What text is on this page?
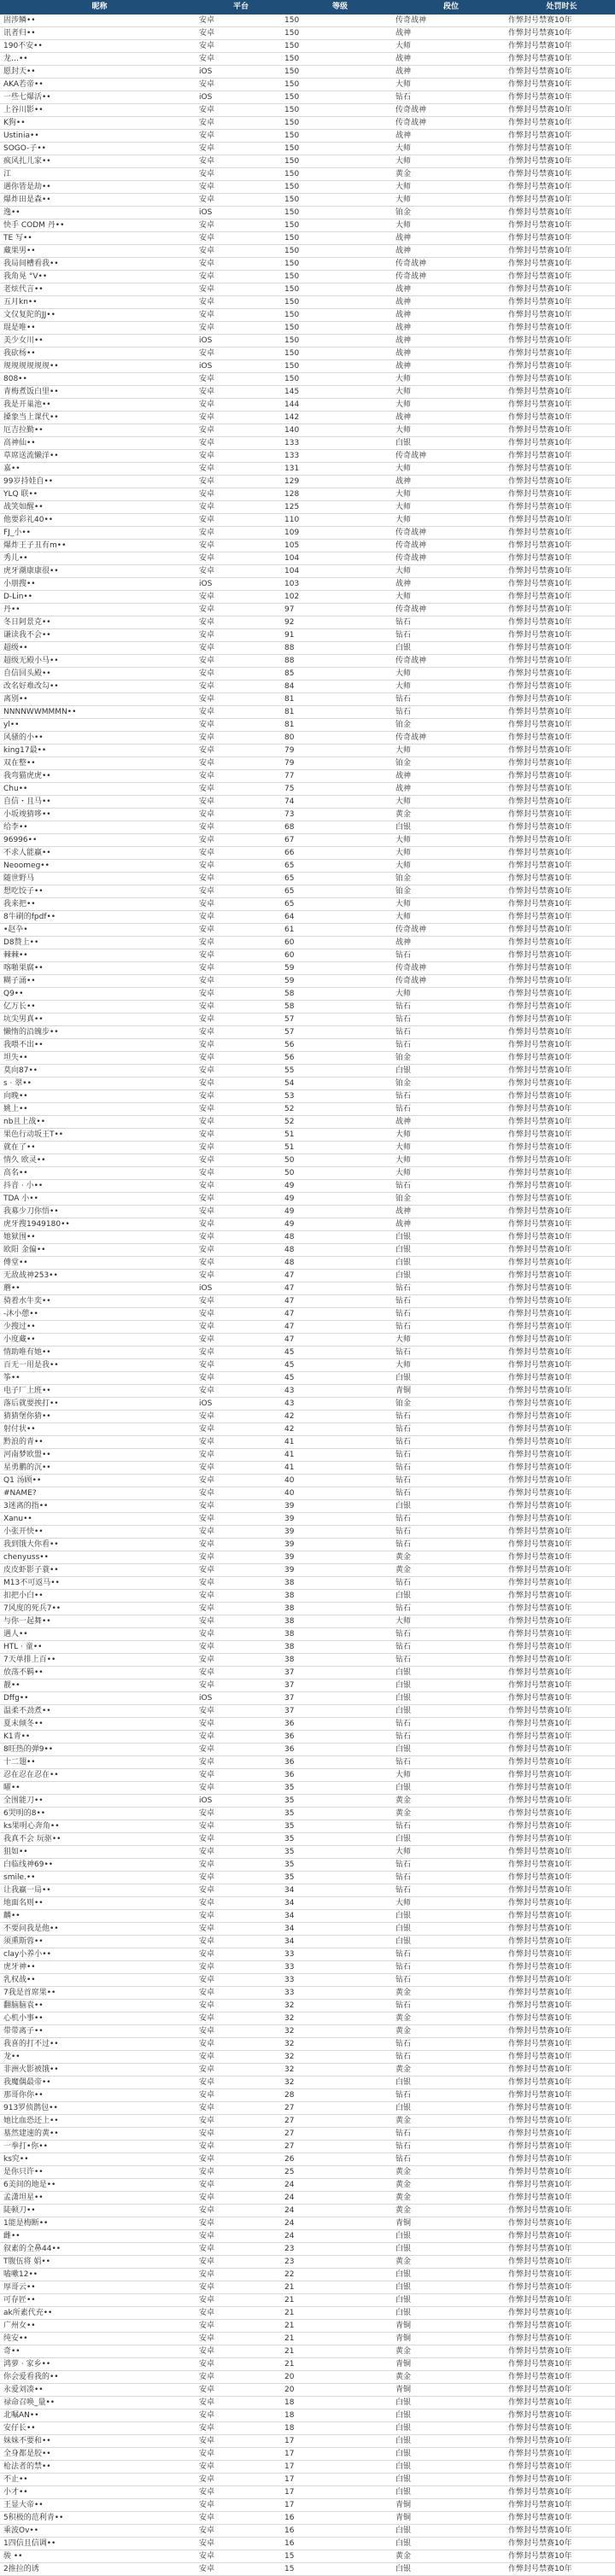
昵称	平台	等级	段位	处罚时长
固涉鳞••	安卓	150	传奇战神	作弊封号禁赛10年
讯者归••	安卓	150	战神	作弊封号禁赛10年
190不安••	安卓	150	大师	作弊封号禁赛10年
龙…••	安卓	150	战神	作弊封号禁赛10年
愿封天••	iOS	150	战神	作弊封号禁赛10年
AKA若帝••	安卓	150	大师	作弊封号禁赛10年
一些七爆活••	iOS	150	钻石	作弊封号禁赛10年
上谷川影••	安卓	150	传奇战神	作弊封号禁赛10年
K狗••	安卓	150	传奇战神	作弊封号禁赛10年
Ustinia••	安卓	150	战神	作弊封号禁赛10年
SOGO-子••	安卓	150	大师	作弊封号禁赛10年
疯风扎儿家••	安卓	150	大师	作弊封号禁赛10年
江	安卓	150	黄金	作弊封号禁赛10年
遇你皆是劫••	安卓	150	大师	作弊封号禁赛10年
爆炸田是森••	安卓	150	大师	作弊封号禁赛10年
逸••	iOS	150	铂金	作弊封号禁赛10年
快手 CODM 丹••	安卓	150	大师	作弊封号禁赛10年
TE 写••	安卓	150	战神	作弊封号禁赛10年
藏果男••	安卓	150	战神	作弊封号禁赛10年
我局间槽看我••	安卓	150	传奇战神	作弊封号禁赛10年
我角晃 °V••	安卓	150	传奇战神	作弊封号禁赛10年
老炫代言••	安卓	150	战神	作弊封号禁赛10年
五月kn••	安卓	150	战神	作弊封号禁赛10年
文仅复陀的JJ••	安卓	150	战神	作弊封号禁赛10年
琨是唯••	安卓	150	战神	作弊封号禁赛10年
美少女川••	iOS	150	战神	作弊封号禁赛10年
我砍杨••	安卓	150	战神	作弊封号禁赛10年
规规规规规规••	iOS	150	战神	作弊封号禁赛10年
808••	安卓	150	大师	作弊封号禁赛10年
青梅煮饭白里••	安卓	145	大师	作弊封号禁赛10年
我是开巢池••	安卓	144	大师	作弊封号禁赛10年
搡象当上课代••	安卓	142	战神	作弊封号禁赛10年
厄吉拉勤••	安卓	140	大师	作弊封号禁赛10年
高神仙••	安卓	133	白银	作弊封号禁赛10年
草席送流懒洋••	安卓	133	传奇战神	作弊封号禁赛10年
嘉••	安卓	131	大师	作弊封号禁赛10年
99岁持娃自••	安卓	129	战神	作弊封号禁赛10年
YLQ 联••	安卓	128	大师	作弊封号禁赛10年
战笑如醒••	安卓	125	大师	作弊封号禁赛10年
他要彩礼40••	安卓	110	大师	作弊封号禁赛10年
FJ_小••	安卓	109	传奇战神	作弊封号禁赛10年
爆炸王子丑有m••	安卓	105	传奇战神	作弊封号禁赛10年
秀儿••	安卓	104	传奇战神	作弊封号禁赛10年
虎牙潮康康很••	安卓	104	大师	作弊封号禁赛10年
小朋搜••	iOS	103	战神	作弊封号禁赛10年
D-Lin••	安卓	102	大师	作弊封号禁赛10年
丹••	安卓	97	传奇战神	作弊封号禁赛10年
冬日阿景克••	安卓	92	钻石	作弊封号禁赛10年
谦读我不会••	安卓	91	钻石	作弊封号禁赛10年
超级••	安卓	88	白银	作弊封号禁赛10年
超级无殿小马••	安卓	88	传奇战神	作弊封号禁赛10年
自信回头殿••	安卓	85	大师	作弊封号禁赛10年
改名好难改勾••	安卓	84	大师	作弊封号禁赛10年
离别••	安卓	81	钻石	作弊封号禁赛10年
NNNNWWMMMN••	安卓	81	钻石	作弊封号禁赛10年
yl••	安卓	81	铂金	作弊封号禁赛10年
风骚的小••	安卓	80	传奇战神	作弊封号禁赛10年
king17最••	安卓	79	大师	作弊封号禁赛10年
双在整••	安卓	79	铂金	作弊封号禁赛10年
我弯猫虎虎••	安卓	77	战神	作弊封号禁赛10年
Chu••	安卓	75	战神	作弊封号禁赛10年
自信・且马••	安卓	74	大师	作弊封号禁赛10年
小坂竣猜哆••	安卓	73	黄金	作弊封号禁赛10年
给李••	安卓	68	白银	作弊封号禁赛10年
96996••	安卓	67	大师	作弊封号禁赛10年
不求人能赢••	安卓	66	大师	作弊封号禁赛10年
Neoomeg••	安卓	65	大师	作弊封号禁赛10年
随世野马	安卓	65	铂金	作弊封号禁赛10年
想吃饺子••	安卓	65	铂金	作弊封号禁赛10年
我来把••	安卓	65	大师	作弊封号禁赛10年
8牛刷的fpdf••	安卓	64	大师	作弊封号禁赛10年
•赵卆•	安卓	61	传奇战神	作弊封号禁赛10年
D8赞上••	安卓	60	战神	作弊封号禁赛10年
棘棘••	安卓	60	钻石	作弊封号禁赛10年
喀啪果腐••	安卓	59	传奇战神	作弊封号禁赛10年
糊子涌••	安卓	59	传奇战神	作弊封号禁赛10年
Q9••	安卓	58	大师	作弊封号禁赛10年
亿万长••	安卓	58	钻石	作弊封号禁赛10年
坑尖男真••	安卓	57	钻石	作弊封号禁赛10年
懒惰的沿魄步••	安卓	57	钻石	作弊封号禁赛10年
我喂不出••	安卓	56	钻石	作弊封号禁赛10年
坦失••	安卓	56	铂金	作弊封号禁赛10年
莫向87••	安卓	55	白银	作弊封号禁赛10年
s · 翠••	安卓	54	铂金	作弊封号禁赛10年
向晚••	安卓	53	钻石	作弊封号禁赛10年
姚上••	安卓	52	钻石	作弊封号禁赛10年
nb且上战••	安卓	52	战神	作弊封号禁赛10年
果色行动坂王T••	安卓	51	大师	作弊封号禁赛10年
就在了••	安卓	51	大师	作弊封号禁赛10年
情久 欧灵••	安卓	50	大师	作弊封号禁赛10年
高名••	安卓	50	大师	作弊封号禁赛10年
抖音 · 小••	安卓	49	钻石	作弊封号禁赛10年
TDA 小••	安卓	49	铂金	作弊封号禁赛10年
我募少刀你悟••	安卓	49	战神	作弊封号禁赛10年
虎牙搜1949180••	安卓	49	战神	作弊封号禁赛10年
她狱围••	安卓	48	白银	作弊封号禁赛10年
欧阳 金偏••	安卓	48	白银	作弊封号禁赛10年
傅堂••	安卓	48	白银	作弊封号禁赛10年
无敌战神253••	安卓	47	白银	作弊封号禁赛10年
蘑••	iOS	47	钻石	作弊封号禁赛10年
骑着水牛奕••	安卓	47	钻石	作弊封号禁赛10年
-沐小憩••	安卓	47	钻石	作弊封号禁赛10年
少搜过••	安卓	47	钻石	作弊封号禁赛10年
小度藏••	安卓	47	大师	作弊封号禁赛10年
情助唯有她••	安卓	45	钻石	作弊封号禁赛10年
百无一用是我••	安卓	45	大师	作弊封号禁赛10年
筝••	安卓	45	白银	作弊封号禁赛10年
电子厂上班••	安卓	43	青铜	作弊封号禁赛10年
落后就要挨打••	iOS	43	铂金	作弊封号禁赛10年
猜猜堡你猜••	安卓	42	钻石	作弊封号禁赛10年
射付状••	安卓	42	钻石	作弊封号禁赛10年
黔浪的青••	安卓	41	钻石	作弊封号禁赛10年
河南梦欧盟••	安卓	41	钻石	作弊封号禁赛10年
星勇鹏的沉••	安卓	41	钻石	作弊封号禁赛10年
Q1 汤顾••	安卓	40	钻石	作弊封号禁赛10年
#NAME?	安卓	40	钻石	作弊封号禁赛10年
3迷离的指••	安卓	39	白银	作弊封号禁赛10年
Xanu••	安卓	39	钻石	作弊封号禁赛10年
小张开快••	安卓	39	钻石	作弊封号禁赛10年
我到饿大你看••	安卓	39	钻石	作弊封号禁赛10年
chenyuss••	安卓	39	黄金	作弊封号禁赛10年
皮皮虾影子蓑••	安卓	39	黄金	作弊封号禁赛10年
M13不可返马••	安卓	38	钻石	作弊封号禁赛10年
扣把小白••	安卓	38	白银	作弊封号禁赛10年
7风度的死兵7••	安卓	38	钻石	作弊封号禁赛10年
与你一起舞••	安卓	38	大师	作弊封号禁赛10年
遇人••	安卓	38	钻石	作弊封号禁赛10年
HTL · 童••	安卓	38	钻石	作弊封号禁赛10年
7天单排上百••	安卓	38	钻石	作弊封号禁赛10年
放荡不羁••	安卓	37	白银	作弊封号禁赛10年
靓••	安卓	37	白银	作弊封号禁赛10年
Dffg••	iOS	37	白银	作弊封号禁赛10年
温柔不劲煮••	安卓	37	白银	作弊封号禁赛10年
夏末倾冬••	安卓	36	钻石	作弊封号禁赛10年
K1青••	安卓	36	钻石	作弊封号禁赛10年
8旺热的弹9••	安卓	36	白银	作弊封号禁赛10年
十二翅••	安卓	36	钻石	作弊封号禁赛10年
忍在忍在忍在••	安卓	36	大师	作弊封号禁赛10年
曜••	安卓	35	白银	作弊封号禁赛10年
全围能刀••	iOS	35	黄金	作弊封号禁赛10年
6哭明的8••	安卓	35	黄金	作弊封号禁赛10年
ks果明心奔角••	安卓	35	钻石	作弊封号禁赛10年
我真不会 玩驱••	安卓	35	白银	作弊封号禁赛10年
狙如••	安卓	35	大师	作弊封号禁赛10年
白临线神69••	安卓	35	钻石	作弊封号禁赛10年
smile.••	安卓	35	钻石	作弊封号禁赛10年
让我赢一局••	安卓	34	钻石	作弊封号禁赛10年
地面名则••	安卓	34	大师	作弊封号禁赛10年
麟••	安卓	34	白银	作弊封号禁赛10年
不要问我是他••	安卓	34	白银	作弊封号禁赛10年
须熏斯蓉••	安卓	34	白银	作弊封号禁赛10年
clay小养小••	安卓	33	钻石	作弊封号禁赛10年
虎牙神••	安卓	33	钻石	作弊封号禁赛10年
乳权战••	安卓	33	钻石	作弊封号禁赛10年
7我是首席果••	安卓	33	黄金	作弊封号禁赛10年
翻脑脑袁••	安卓	32	钻石	作弊封号禁赛10年
心机小事••	安卓	32	黄金	作弊封号禁赛10年
带带离子••	安卓	32	黄金	作弊封号禁赛10年
我喜的打不过••	安卓	32	钻石	作弊封号禁赛10年
龙••	安卓	32	钻石	作弊封号禁赛10年
非洲火影被饿••	安卓	32	黄金	作弊封号禁赛10年
我魔偶最帝••	安卓	32	白银	作弊封号禁赛10年
那哥你你••	安卓	28	钻石	作弊封号禁赛10年
913罗侦鹊包••	安卓	27	白银	作弊封号禁赛10年
她比血恐还上••	安卓	27	黄金	作弊封号禁赛10年
墓然建速的黄••	安卓	27	钻石	作弊封号禁赛10年
一拳打•你••	安卓	27	钻石	作弊封号禁赛10年
ks究••	安卓	26	钻石	作弊封号禁赛10年
是你只许••	安卓	25	黄金	作弊封号禁赛10年
6美间的地是••	安卓	24	黄金	作弊封号禁赛10年
孟潇坦星••	安卓	24	黄金	作弊封号禁赛10年
陡顿刀••	安卓	24	黄金	作弊封号禁赛10年
1能是梅断••	安卓	24	青铜	作弊封号禁赛10年
雌••	安卓	24	白银	作弊封号禁赛10年
叙素的全鼻44••	安卓	23	白银	作弊封号禁赛10年
T腹伍将 娟••	安卓	23	黄金	作弊封号禁赛10年
嗑嗽12••	安卓	22	白银	作弊封号禁赛10年
厚哥云••	安卓	21	白银	作弊封号禁赛10年
可存匠••	安卓	21	白银	作弊封号禁赛10年
ak所素代充••	安卓	21	白银	作弊封号禁赛10年
广州女••	安卓	21	青铜	作弊封号禁赛10年
纯安••	安卓	21	青铜	作弊封号禁赛10年
奇••	安卓	21	黄金	作弊封号禁赛10年
鸿萝 · 家乡••	安卓	21	青铜	作弊封号禁赛10年
你会爱看我的••	安卓	20	黄金	作弊封号禁赛10年
永爱刘凑••	安卓	20	青铜	作弊封号禁赛10年
禄命召唤_量••	安卓	18	白银	作弊封号禁赛10年
北嘱AN••	安卓	18	白银	作弊封号禁赛10年
安仔长••	安卓	18	白银	作弊封号禁赛10年
妹妹不要和••	安卓	17	白银	作弊封号禁赛10年
全身都是胶••	安卓	17	白银	作弊封号禁赛10年
枪法者的禁••	安卓	17	白银	作弊封号禁赛10年
不止••	安卓	17	白银	作弊封号禁赛10年
小才••	安卓	17	白银	作弊封号禁赛10年
王显大帝••	安卓	17	青铜	作弊封号禁赛10年
5积极的范利青••	安卓	16	青铜	作弊封号禁赛10年
乘波Ov••	安卓	16	白银	作弊封号禁赛10年
1四信且信调••	安卓	16	白银	作弊封号禁赛10年
骏 ••	安卓	15	黄金	作弊封号禁赛10年
2推拉的诱	安卓	15	白银	作弊封号禁赛10年
